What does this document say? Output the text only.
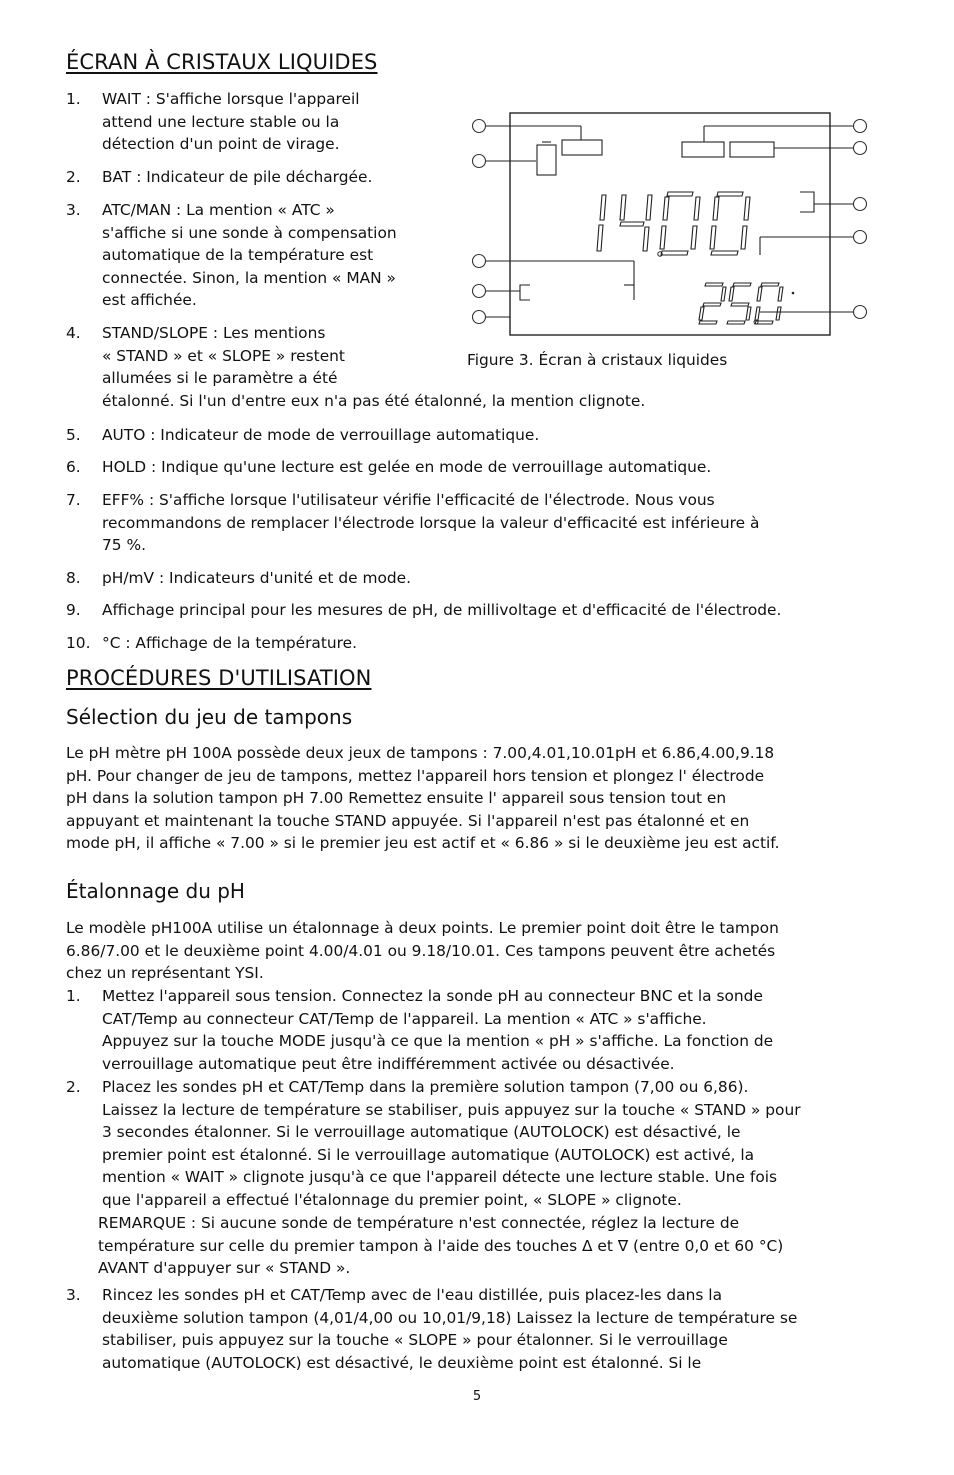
ÉCRAN À CRISTAUX LIQUIDES
1. WAIT : S'affiche lorsque l'appareil
attend une lecture stable ou la
détection d'un point de virage.
2. BAT : Indicateur de pile déchargée.
3. ATC/MAN : La mention « ATC »
s'affiche si une sonde à compensation
automatique de la température est
connectée. Sinon, la mention « MAN »
est affichée.
4. STAND/SLOPE : Les mentions
« STAND » et « SLOPE » restent
allumées si le paramètre a été
étalonné. Si l'un d'entre eux n'a pas été étalonné, la mention clignote.
5. AUTO : Indicateur de mode de verrouillage automatique.
6. HOLD : Indique qu'une lecture est gelée en mode de verrouillage automatique.
7. EFF% : S'affiche lorsque l'utilisateur vérifie l'efficacité de l'électrode. Nous vous
recommandons de remplacer l'électrode lorsque la valeur d'efficacité est inférieure à
75 %.
8. pH/mV : Indicateurs d'unité et de mode.
9. Affichage principal pour les mesures de pH, de millivoltage et d'efficacité de l'électrode.
10. °C : Affichage de la température.
Figure 3. Écran à cristaux liquides
PROCÉDURES D'UTILISATION
Sélection du jeu de tampons
Le pH mètre pH 100A possède deux jeux de tampons : 7.00,4.01,10.01pH et 6.86,4.00,9.18
pH. Pour changer de jeu de tampons, mettez l'appareil hors tension et plongez l' électrode
pH dans la solution tampon pH 7.00 Remettez ensuite l' appareil sous tension tout en
appuyant et maintenant la touche STAND appuyée. Si l'appareil n'est pas étalonné et en
mode pH, il affiche « 7.00 » si le premier jeu est actif et « 6.86 » si le deuxième jeu est actif.
Étalonnage du pH
Le modèle pH100A utilise un étalonnage à deux points. Le premier point doit être le tampon
6.86/7.00 et le deuxième point 4.00/4.01 ou 9.18/10.01. Ces tampons peuvent être achetés
chez un représentant YSI.
1. Mettez l'appareil sous tension. Connectez la sonde pH au connecteur BNC et la sonde
CAT/Temp au connecteur CAT/Temp de l'appareil. La mention « ATC » s'affiche.
Appuyez sur la touche MODE jusqu'à ce que la mention « pH » s'affiche. La fonction de
verrouillage automatique peut être indifféremment activée ou désactivée.
2. Placez les sondes pH et CAT/Temp dans la première solution tampon (7,00 ou 6,86).
Laissez la lecture de température se stabiliser, puis appuyez sur la touche « STAND » pour
3 secondes étalonner. Si le verrouillage automatique (AUTOLOCK) est désactivé, le
premier point est étalonné. Si le verrouillage automatique (AUTOLOCK) est activé, la
mention « WAIT » clignote jusqu'à ce que l'appareil détecte une lecture stable. Une fois
que l'appareil a effectué l'étalonnage du premier point, « SLOPE » clignote.
REMARQUE : Si aucune sonde de température n'est connectée, réglez la lecture de
température sur celle du premier tampon à l'aide des touches Δ et ∇ (entre 0,0 et 60 °C)
AVANT d'appuyer sur « STAND ».
3. Rincez les sondes pH et CAT/Temp avec de l'eau distillée, puis placez-les dans la
deuxième solution tampon (4,01/4,00 ou 10,01/9,18) Laissez la lecture de température se
stabiliser, puis appuyez sur la touche « SLOPE » pour étalonner. Si le verrouillage
automatique (AUTOLOCK) est désactivé, le deuxième point est étalonné. Si le
5
